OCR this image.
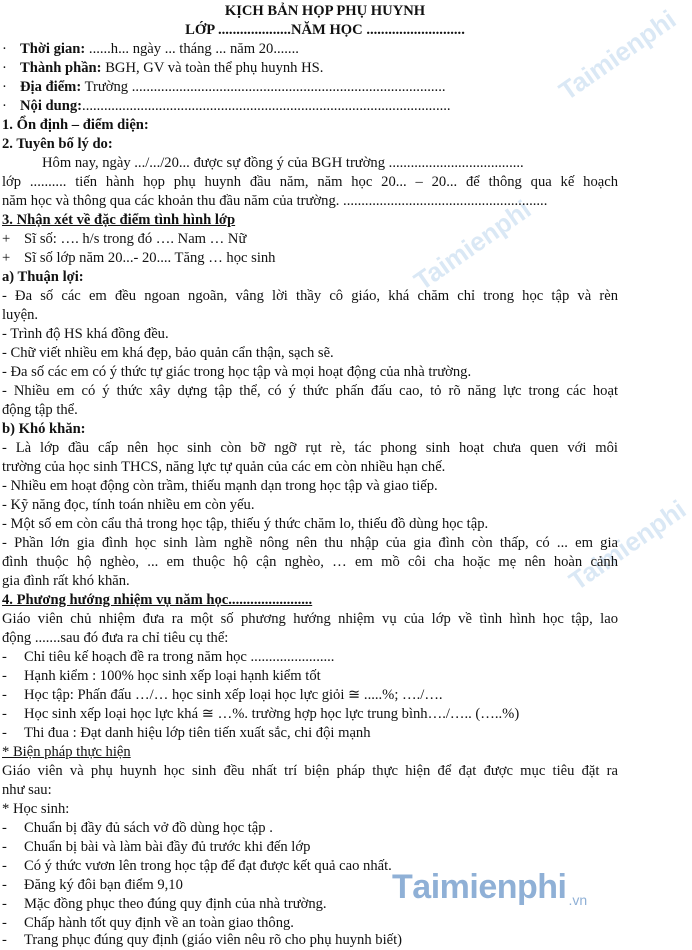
Taimienphi
Taimienphi
Taimienphi
KỊCH BẢN HỌP PHỤ HUYNH
LỚP ....................NĂM HỌC ...........................
· Thời gian: ......h... ngày ... tháng ... năm 20.......
· Thành phần: BGH, GV và toàn thể phụ huynh HS.
· Địa điểm: Trường ......................................................................................
· Nội dung:.....................................................................................................
1. Ổn định – điểm diện:
2. Tuyên bố lý do:
Hôm nay, ngày .../.../20... được sự đồng ý của BGH trường .....................................
lớp .......... tiến hành họp phụ huynh đầu năm, năm học 20... – 20... để thông qua kế hoạch
năm học và thông qua các khoản thu đầu năm của trường. ........................................................
3. Nhận xét về đặc điểm tình hình lớp
+ Sĩ số: …. h/s trong đó …. Nam … Nữ
+ Sĩ số lớp năm 20...- 20.... Tăng … học sinh
a) Thuận lợi:
- Đa số các em đều ngoan ngoãn, vâng lời thầy cô giáo, khá chăm chỉ trong học tập và rèn
luyện.
- Trình độ HS khá đồng đều.
- Chữ viết nhiều em khá đẹp, bảo quản cẩn thận, sạch sẽ.
- Đa số các em có ý thức tự giác trong học tập và mọi hoạt động của nhà trường.
- Nhiều em có ý thức xây dựng tập thể, có ý thức phấn đấu cao, tỏ rõ năng lực trong các hoạt
động tập thể.
b) Khó khăn:
- Là lớp đầu cấp nên học sinh còn bỡ ngỡ rụt rè, tác phong sinh hoạt chưa quen với môi
trường của học sinh THCS, năng lực tự quản của các em còn nhiều hạn chế.
- Nhiều em hoạt động còn trầm, thiếu mạnh dạn trong học tập và giao tiếp.
- Kỹ năng đọc, tính toán nhiều em còn yếu.
- Một số em còn cẩu thả trong học tập, thiếu ý thức chăm lo, thiếu đồ dùng học tập.
- Phần lớn gia đình học sinh làm nghề nông nên thu nhập của gia đình còn thấp, có ... em gia
đình thuộc hộ nghèo, ... em thuộc hộ cận nghèo, … em mồ côi cha hoặc mẹ nên hoàn cảnh
gia đình rất khó khăn.
4. Phương hướng nhiệm vụ năm học.......................
Giáo viên chủ nhiệm đưa ra một số phương hướng nhiệm vụ của lớp về tình hình học tập, lao
động .......sau đó đưa ra chỉ tiêu cụ thể:
- Chỉ tiêu kế hoạch đề ra trong năm học .......................
- Hạnh kiểm : 100% học sinh xếp loại hạnh kiểm tốt
- Học tập: Phấn đấu …/… học sinh xếp loại học lực giỏi ≅ .....%; …./….
- Học sinh xếp loại học lực khá ≅ …%. trường hợp học lực trung bình…./….. (…..%)
- Thi đua : Đạt danh hiệu lớp tiên tiến xuất sắc, chi đội mạnh
* Biện pháp thực hiện
Giáo viên và phụ huynh học sinh đều nhất trí biện pháp thực hiện để đạt được mục tiêu đặt ra
như sau:
* Học sinh:
- Chuẩn bị đầy đủ sách vở đồ dùng học tập .
- Chuẩn bị bài và làm bài đầy đủ trước khi đến lớp
- Có ý thức vươn lên trong học tập để đạt được kết quả cao nhất.
- Đăng ký đôi bạn điểm 9,10
- Mặc đồng phục theo đúng quy định của nhà trường.
- Chấp hành tốt quy định về an toàn giao thông.
- Trang phục đúng quy định (giáo viên nêu rõ cho phụ huynh biết)
T aimienphi .vn
